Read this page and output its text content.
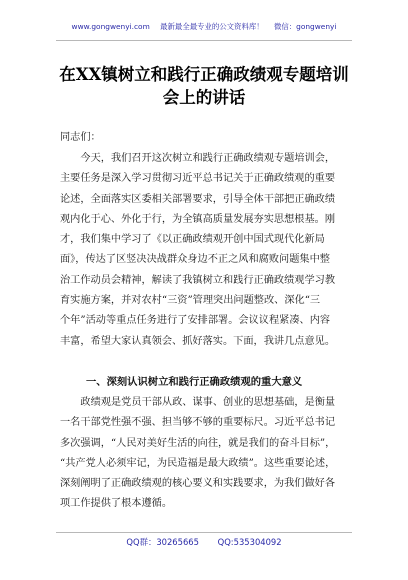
www.gongwenyi.com 最新最全最专业的公文资料库！ 微信：gongwenyi
在XX镇树立和践行正确政绩观专题培训
会上的讲话
同志们：
今天，我们召开这次树立和践行正确政绩观专题培训会，
主要任务是深入学习贯彻习近平总书记关于正确政绩观的重要
论述，全面落实区委相关部署要求，引导全体干部把正确政绩
观内化于心、外化于行，为全镇高质量发展夯实思想根基。刚
才，我们集中学习了《以正确政绩观开创中国式现代化新局
面》，传达了区竖决决战群众身边不正之风和腐败问题集中整
治工作动员会精神，解读了我镇树立和践行正确政绩观学习教
育实施方案，并对农村“三资”管理突出问题整改、深化“三
个年”活动等重点任务进行了安排部署。会议议程紧凑、内容
丰富，希望大家认真领会、抓好落实。下面，我讲几点意见。
一、深刻认识树立和践行正确政绩观的重大意义
政绩观是党员干部从政、谋事、创业的思想基础，是衡量
一名干部党性强不强、担当够不够的重要标尺。习近平总书记
多次强调，“人民对美好生活的向往，就是我们的奋斗目标”，
“共产党人必须牢记，为民造福是最大政绩”。这些重要论述，
深刻阐明了正确政绩观的核心要义和实践要求，为我们做好各
项工作提供了根本遵循。
QQ群：30265665 QQ:535304092
